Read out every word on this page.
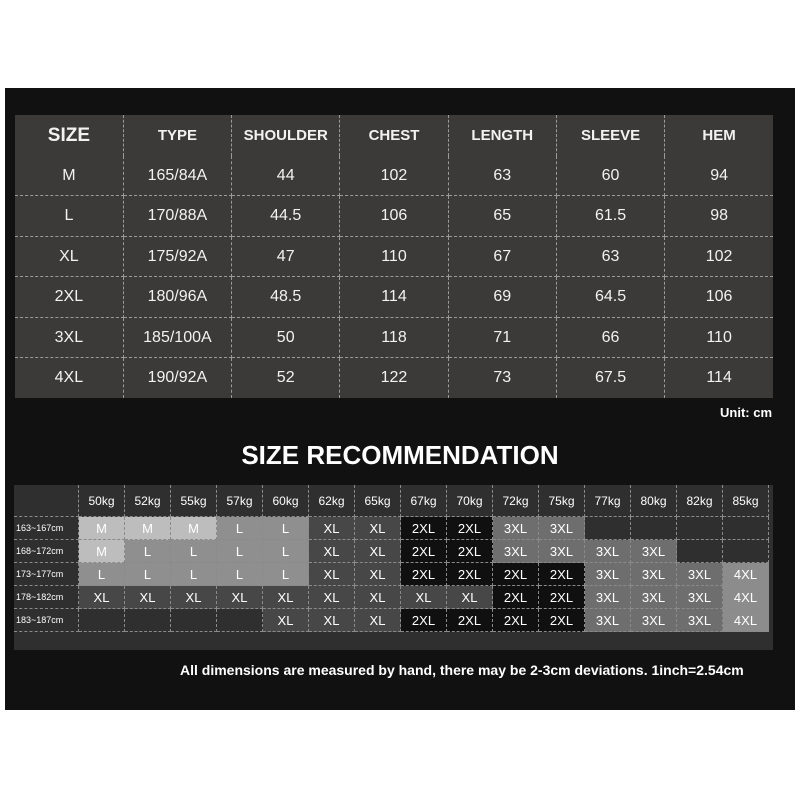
SIZE	TYPE	SHOULDER	CHEST	LENGTH	SLEEVE	HEM
M	165/84A	44	102	63	60	94
L	170/88A	44.5	106	65	61.5	98
XL	175/92A	47	110	67	63	102
2XL	180/96A	48.5	114	69	64.5	106
3XL	185/100A	50	118	71	66	110
4XL	190/92A	52	122	73	67.5	114
Unit: cm
SIZE RECOMMENDATION
	50kg	52kg	55kg	57kg	60kg	62kg	65kg	67kg	70kg	72kg	75kg	77kg	80kg	82kg	85kg
163~167cm	M	M	M	L	L	XL	XL	2XL	2XL	3XL	3XL				
168~172cm	M	L	L	L	L	XL	XL	2XL	2XL	3XL	3XL	3XL	3XL		
173~177cm	L	L	L	L	L	XL	XL	2XL	2XL	2XL	2XL	3XL	3XL	3XL	4XL
178~182cm	XL	XL	XL	XL	XL	XL	XL	XL	XL	2XL	2XL	3XL	3XL	3XL	4XL
183~187cm					XL	XL	XL	2XL	2XL	2XL	2XL	3XL	3XL	3XL	4XL
All dimensions are measured by hand, there may be 2-3cm deviations. 1inch=2.54cm
